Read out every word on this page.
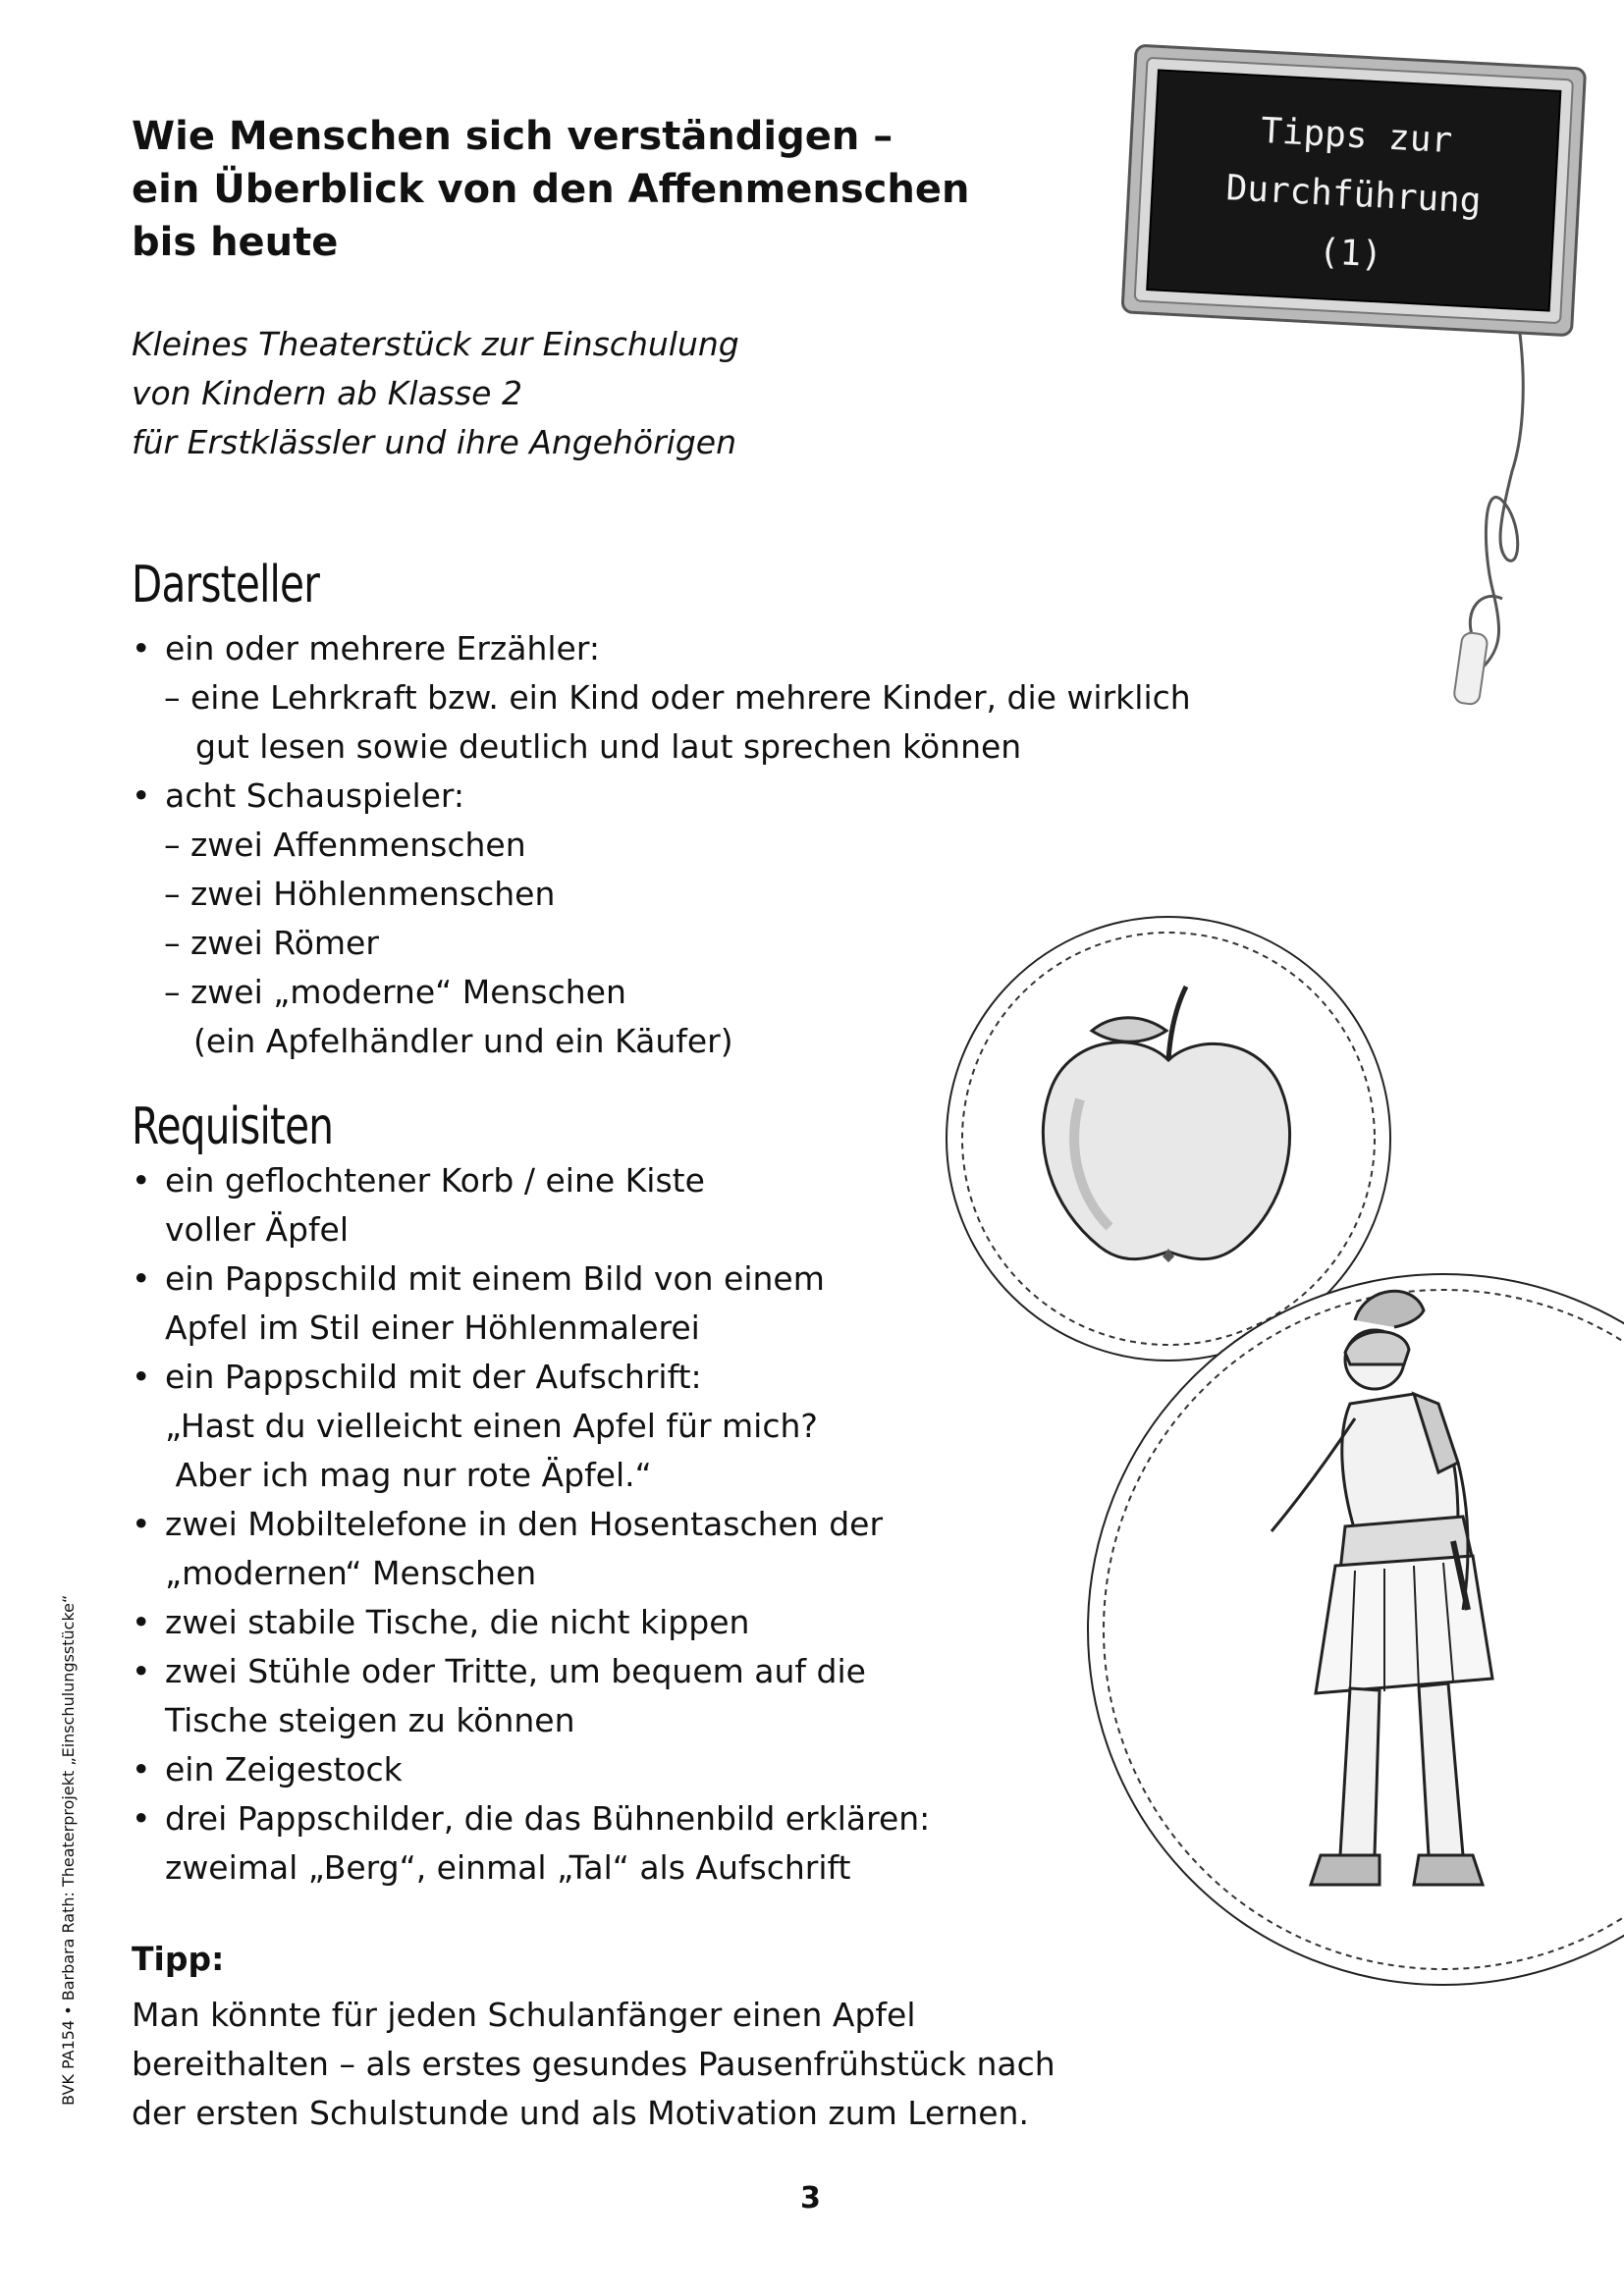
Wie Menschen sich verständigen –
ein Überblick von den Affenmenschen
bis heute
Kleines Theaterstück zur Einschulung
von Kindern ab Klasse 2
für Erstklässler und ihre Angehörigen
Tipps zur
Durchführung
(1)
Darsteller
• ein oder mehrere Erzähler:
– eine Lehrkraft bzw. ein Kind oder mehrere Kinder, die wirklich
gut lesen sowie deutlich und laut sprechen können
• acht Schauspieler:
– zwei Affenmenschen
– zwei Höhlenmenschen
– zwei Römer
– zwei „moderne“ Menschen
(ein Apfelhändler und ein Käufer)
Requisiten
• ein geflochtener Korb / eine Kiste
voller Äpfel
• ein Pappschild mit einem Bild von einem
Apfel im Stil einer Höhlenmalerei
• ein Pappschild mit der Aufschrift:
„Hast du vielleicht einen Apfel für mich?
Aber ich mag nur rote Äpfel.“
• zwei Mobiltelefone in den Hosentaschen der
„modernen“ Menschen
• zwei stabile Tische, die nicht kippen
• zwei Stühle oder Tritte, um bequem auf die
Tische steigen zu können
• ein Zeigestock
• drei Pappschilder, die das Bühnenbild erklären:
zweimal „Berg“, einmal „Tal“ als Aufschrift
Tipp:
Man könnte für jeden Schulanfänger einen Apfel
bereithalten – als erstes gesundes Pausenfrühstück nach
der ersten Schulstunde und als Motivation zum Lernen.
3
BVK PA154 • Barbara Rath: Theaterprojekt „Einschulungsstücke“
